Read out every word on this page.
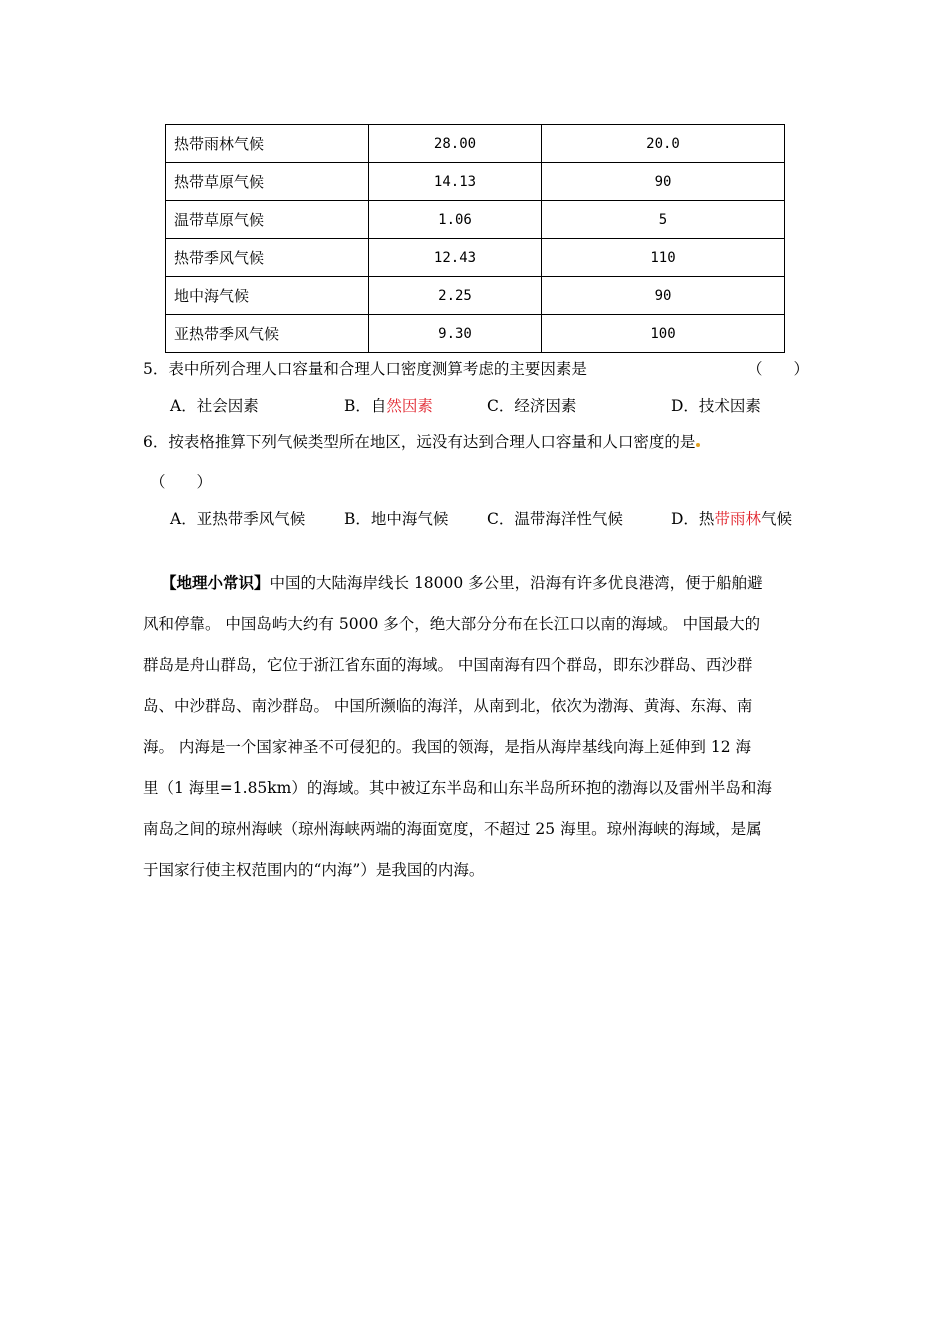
热带雨林气候	28.00	20.0
热带草原气候	14.13	90
温带草原气候	1.06	5
热带季风气候	12.43	110
地中海气候	2.25	90
亚热带季风气候	9.30	100
5．表中所列合理人口容量和合理人口密度测算考虑的主要因素是	（　　）
A．社会因素	B．自然因素	C．经济因素	D．技术因素
6．按表格推算下列气候类型所在地区，远没有达到合理人口容量和人口密度的是
（　　）
A．亚热带季风气候	B．地中海气候 C．温带海洋性气候	D．热带雨林气候
【地理小常识】中国的大陆海岸线长 18000 多公里，沿海有许多优良港湾，便于船舶避
风和停靠。 中国岛屿大约有 5000 多个，绝大部分分布在长江口以南的海域。 中国最大的
群岛是舟山群岛，它位于浙江省东面的海域。 中国南海有四个群岛，即东沙群岛、西沙群
岛、中沙群岛、南沙群岛。 中国所濒临的海洋，从南到北，依次为渤海、黄海、东海、南
海。 内海是一个国家神圣不可侵犯的。我国的领海，是指从海岸基线向海上延伸到 12 海
里（1 海里=1.85km）的海域。其中被辽东半岛和山东半岛所环抱的渤海以及雷州半岛和海
南岛之间的琼州海峡（琼州海峡两端的海面宽度，不超过 25 海里。琼州海峡的海域，是属
于国家行使主权范围内的“内海”）是我国的内海。
